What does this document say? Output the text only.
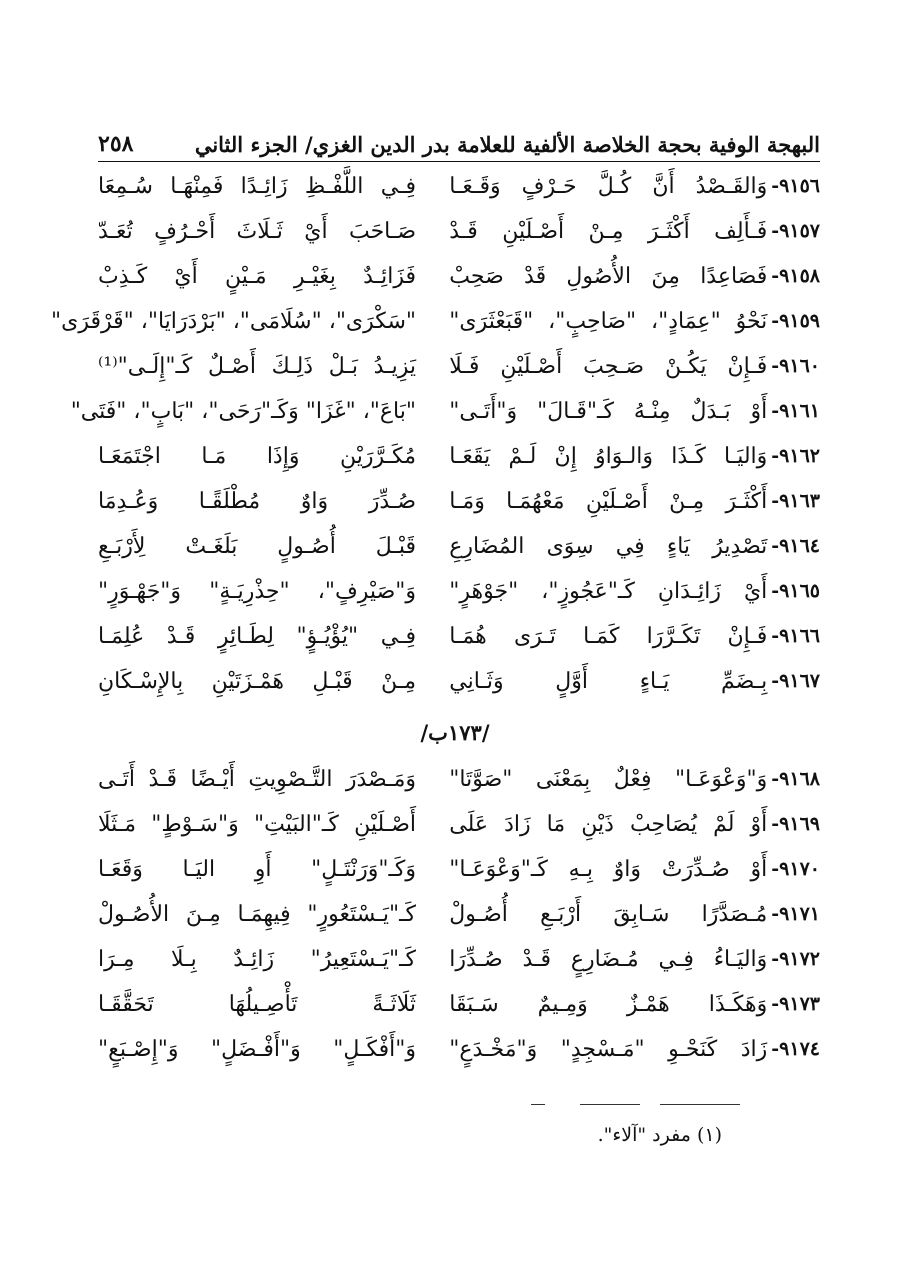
البهجة الوفية بحجة الخلاصة الألفية للعلامة بدر الدين الغزي/ الجزء الثاني
٢٥٨
٩١٥٦-
وَالقَـصْدُ أَنَّ كُـلَّ حَـرْفٍ وَقَـعَـا
فِـي اللَّفْـظِ زَائِـدًا فَمِنْهَـا سُـمِعَا
٩١٥٧-
فَـأَلِف أَكْثَـرَ مِـنْ أَصْـلَيْنِ قَـدْ
صَـاحَبَ أَيْ ثَـلَاثَ أَحْـرُفٍ تُعَـدّ
٩١٥٨-
فَصَاعِدًا مِنَ الأُصُولِ قَدْ صَحِبْ
فَزَائِـدٌ بِغَيْـرِ مَـيْنٍ أَيْ كَـذِبْ
٩١٥٩-
نَحْوُ "عِمَادٍ"، "صَاحِبٍ"، "قَبَعْثَرَى"
"سَكْرَى"، "سُلَامَى"، "بَرْدَرَايَا"، "قَرْقَرَى"
٩١٦٠-
فَـإِنْ يَكُـنْ صَـحِبَ أَصْـلَيْنِ فَـلَا
يَزِيـدُ بَـلْ ذَلِـكَ أَصْـلٌ كَـ"إِلَـى"⁽¹⁾
٩١٦١-
أَوْ بَـدَلٌ مِنْـهُ كَـ"قَـالَ" وَ"أَتَـى"
"بَاعَ"، "غَزَا" وَكَـ"رَحَى"، "بَابٍ"، "فَتَى"
٩١٦٢-
وَاليَـا كَـذَا وَالـوَاوُ إِنْ لَـمْ يَقَعَـا
مُكَـرَّرَيْنِ وَإِذَا مَـا اجْتَمَعَـا
٩١٦٣-
أَكْثَـرَ مِـنْ أَصْـلَيْنِ مَعْهُمَـا وَمَـا
صُـدِّرَ وَاوٌ مُطْلَقًـا وَعُـدِمَا
٩١٦٤-
تَصْدِيرُ يَاءٍ فِي سِوَى المُضَارِعِ
قَبْـلَ أُصُـولٍ بَلَغَـتْ لِأَرْبَـعِ
٩١٦٥-
أَيْ زَائِـدَانِ كَـ"عَجُوزٍ"، "جَوْهَرٍ"
وَ"صَيْرِفٍ"، "حِذْرِيَـةٍ" وَ"جَهْـوَرٍ"
٩١٦٦-
فَـإِنْ تَكَـرَّرَا كَمَـا تَـرَى هُمَـا
فِـي "يُؤْيُـؤٍ" لِطَـائِرٍ قَـدْ عُلِمَـا
٩١٦٧-
بِـضَمِّ يَـاءٍ أَوَّلٍ وَثَـانِي
مِـنْ قَبْـلِ هَمْـزَتَيْنِ بِالإِسْـكَانِ
/١٧٣ب/
٩١٦٨-
وَ"وَعْوَعَـا" فِعْلٌ بِمَعْنَى "صَوَّتَا"
وَمَـصْدَرَ التَّـصْوِيتِ أَيْـضًا قَـدْ أَتَـى
٩١٦٩-
أَوْ لَمْ يُصَاحِبْ ذَيْنِ مَا زَادَ عَلَى
أَصْـلَيْنِ كَـ"البَيْتِ" وَ"سَـوْطٍ" مَـثَلَا
٩١٧٠-
أَوْ صُـدِّرَتْ وَاوٌ بِـهِ كَـ"وَعْوَعَـا"
وَكَـ"وَرَنْتَـلٍ" أَوِ اليَـا وَقَعَـا
٩١٧١-
مُـصَدَّرًا سَـابِقَ أَرْبَـعِ أُصُـولْ
كَـ"يَـسْتَعُورٍ" فِيهِمَـا مِـنَ الأُصُـولْ
٩١٧٢-
وَاليَـاءُ فِـي مُـضَارِعٍ قَـدْ صُـدِّرَا
كَـ"يَـسْتَعِيرُ" زَائِـدٌ بِـلَا مِـرَا
٩١٧٣-
وَهَكَـذَا هَمْـزٌ وَمِـيمٌ سَـبَقَا
ثَلَاثَـةً تَأْصِـيلُهَا تَحَقَّقَـا
٩١٧٤-
زَادَ كَنَحْـوِ "مَـسْجِدٍ" وَ"مَخْـدَعٍ"
وَ"أَفْكَـلٍ" وَ"أَفْـضَلٍ" وَ"إِصْـبَعٍ"
(١) مفرد "آلاء".
